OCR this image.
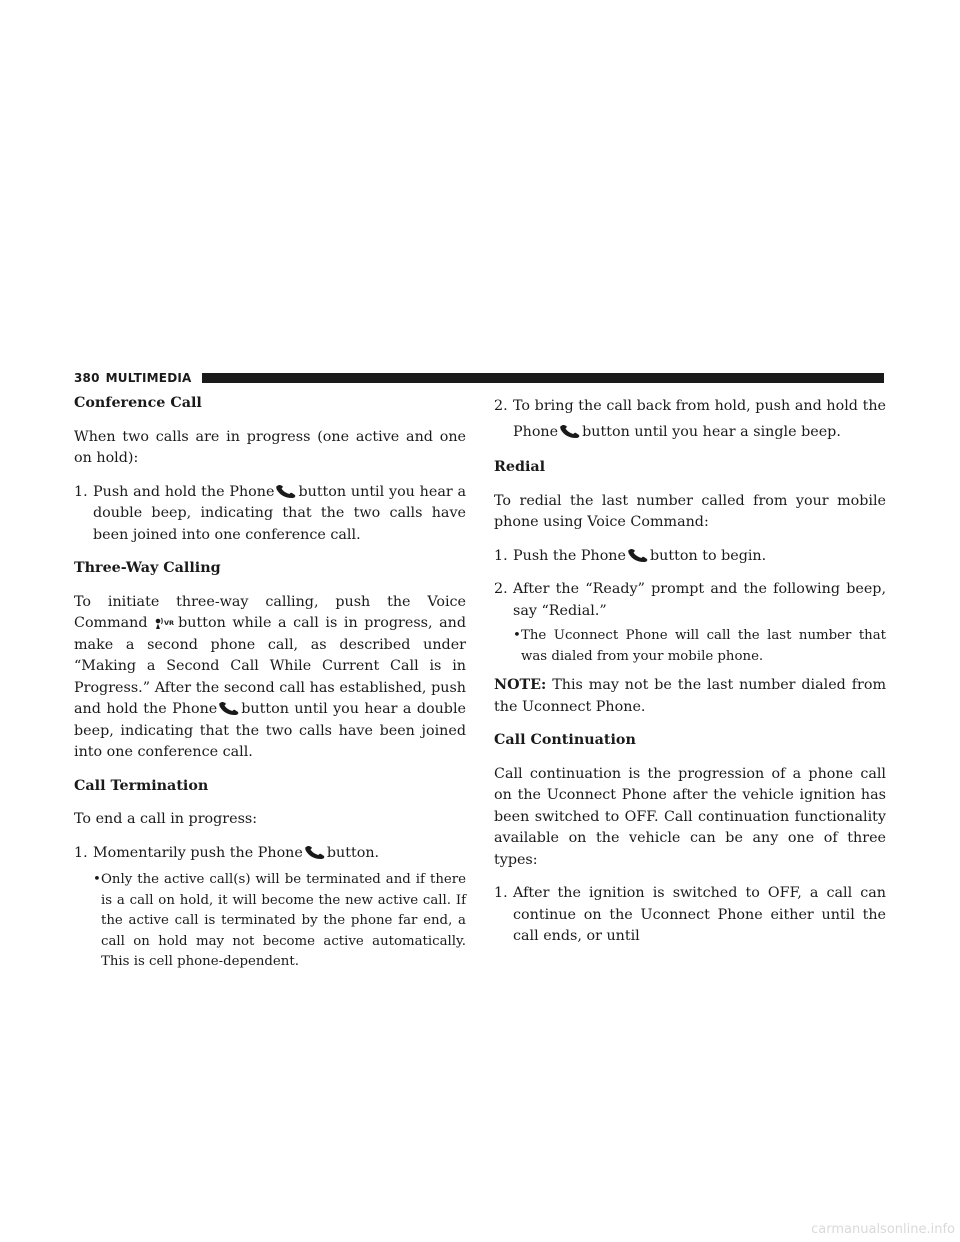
380 MULTIMEDIA
Conference Call

When two calls are in progress (one active and one on hold):

1. Push and hold the Phone button until you hear a double beep, indicating that the two calls have been joined into one conference call.
Three-Way Calling

To initiate three-way calling, push the Voice Command	VR button while a call is in progress, and make a second phone call, as described under “Making a Second Call While Current Call is in Progress.” After the second call has established, push and hold the Phone button until you hear a double beep, indicating that the two calls have been joined into one conference call.

Call Termination

To end a call in progress:

1. Momentarily push the Phone button.
• Only the active call(s) will be terminated and if there is a call on hold, it will become the new active call. If the active call is terminated by the phone far end, a call on hold may not become active automatically. This is cell phone-dependent.
2. To bring the call back from hold, push and hold the Phone button until you hear a single beep.
Redial

To redial the last number called from your mobile phone using Voice Command:

1. Push the Phone button to begin.
2. After the “Ready” prompt and the following beep, say “Redial.”
• The Uconnect Phone will call the last number that was dialed from your mobile phone.

NOTE: This may not be the last number dialed from the Uconnect Phone.

Call Continuation

Call continuation is the progression of a phone call on the Uconnect Phone after the vehicle ignition has been switched to OFF. Call continuation functionality available on the vehicle can be any one of three types:

1. After the ignition is switched to OFF, a call can continue on the Uconnect Phone either until the call ends, or until
carmanualsonline.info
